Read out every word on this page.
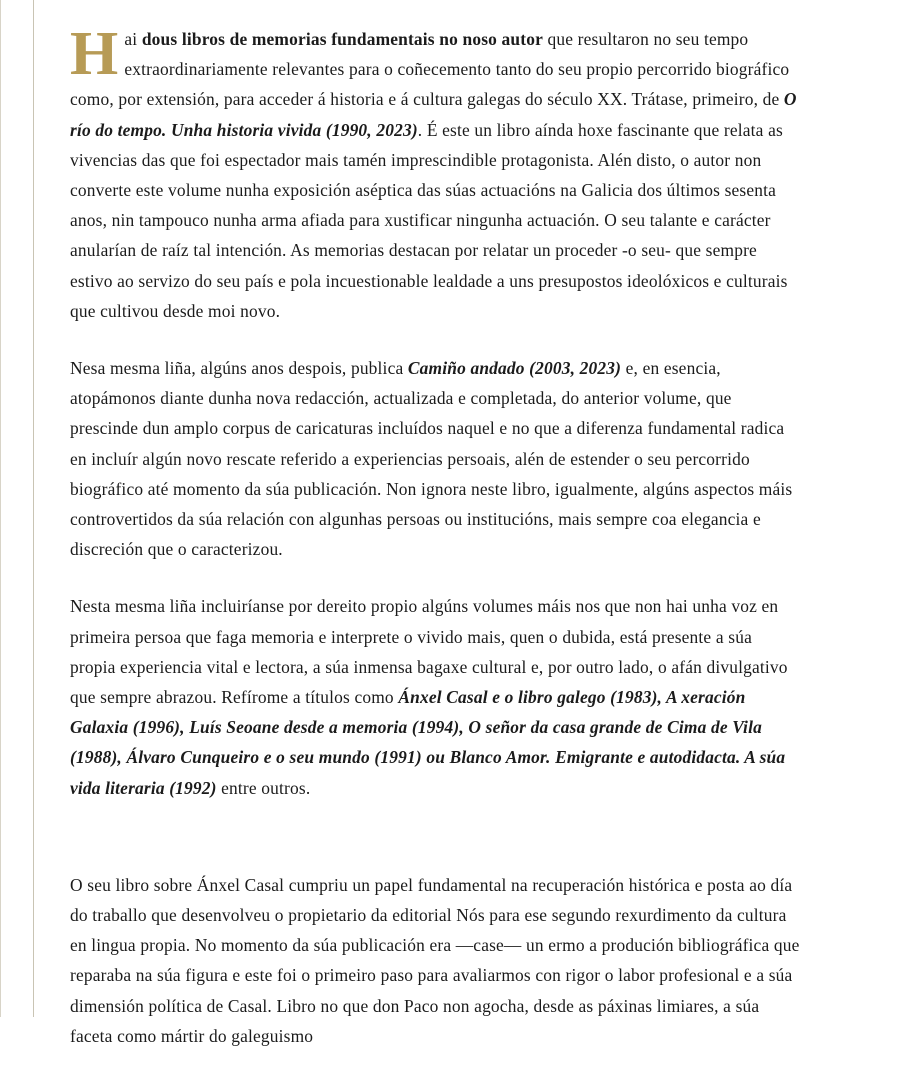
Hai dous libros de memorias fundamentais no noso autor que resultaron no seu tempo extraordinariamente relevantes para o coñecemento tanto do seu propio percorrido biográfico como, por extensión, para acceder á historia e á cultura galegas do século XX. Trátase, primeiro, de O río do tempo. Unha historia vivida (1990, 2023). É este un libro aínda hoxe fascinante que relata as vivencias das que foi espectador mais tamén imprescindible protagonista. Alén disto, o autor non converte este volume nunha exposición aséptica das súas actuacións na Galicia dos últimos sesenta anos, nin tampouco nunha arma afiada para xustificar ningunha actuación. O seu talante e carácter anularían de raíz tal intención. As memorias destacan por relatar un proceder -o seu- que sempre estivo ao servizo do seu país e pola incuestionable lealdade a uns presupostos ideolóxicos e culturais que cultivou desde moi novo.

Nesa mesma liña, algúns anos despois, publica Camiño andado (2003, 2023) e, en esencia, atopámonos diante dunha nova redacción, actualizada e completada, do anterior volume, que prescinde dun amplo corpus de caricaturas incluídos naquel e no que a diferenza fundamental radica en incluír algún novo rescate referido a experiencias persoais, alén de estender o seu percorrido biográfico até momento da súa publicación. Non ignora neste libro, igualmente, algúns aspectos máis controvertidos da súa relación con algunhas persoas ou institucións, mais sempre coa elegancia e discreción que o caracterizou.

Nesta mesma liña incluiríanse por dereito propio algúns volumes máis nos que non hai unha voz en primeira persoa que faga memoria e interprete o vivido mais, quen o dubida, está presente a súa propia experiencia vital e lectora, a súa inmensa bagaxe cultural e, por outro lado, o afán divulgativo que sempre abrazou. Refírome a títulos como Ánxel Casal e o libro galego (1983), A xeración Galaxia (1996), Luís Seoane desde a memoria (1994), O señor da casa grande de Cima de Vila (1988), Álvaro Cunqueiro e o seu mundo (1991) ou Blanco Amor. Emigrante e autodidacta. A súa vida literaria (1992) entre outros.

O seu libro sobre Ánxel Casal cumpriu un papel fundamental na recuperación histórica e posta ao día do traballo que desenvolveu o propietario da editorial Nós para ese segundo rexurdimento da cultura en lingua propia. No momento da súa publicación era —case— un ermo a produción bibliográfica que reparaba na súa figura e este foi o primeiro paso para avaliarmos con rigor o labor profesional e a súa dimensión política de Casal. Libro no que don Paco non agocha, desde as páxinas limiares, a súa faceta como mártir do galeguismo
